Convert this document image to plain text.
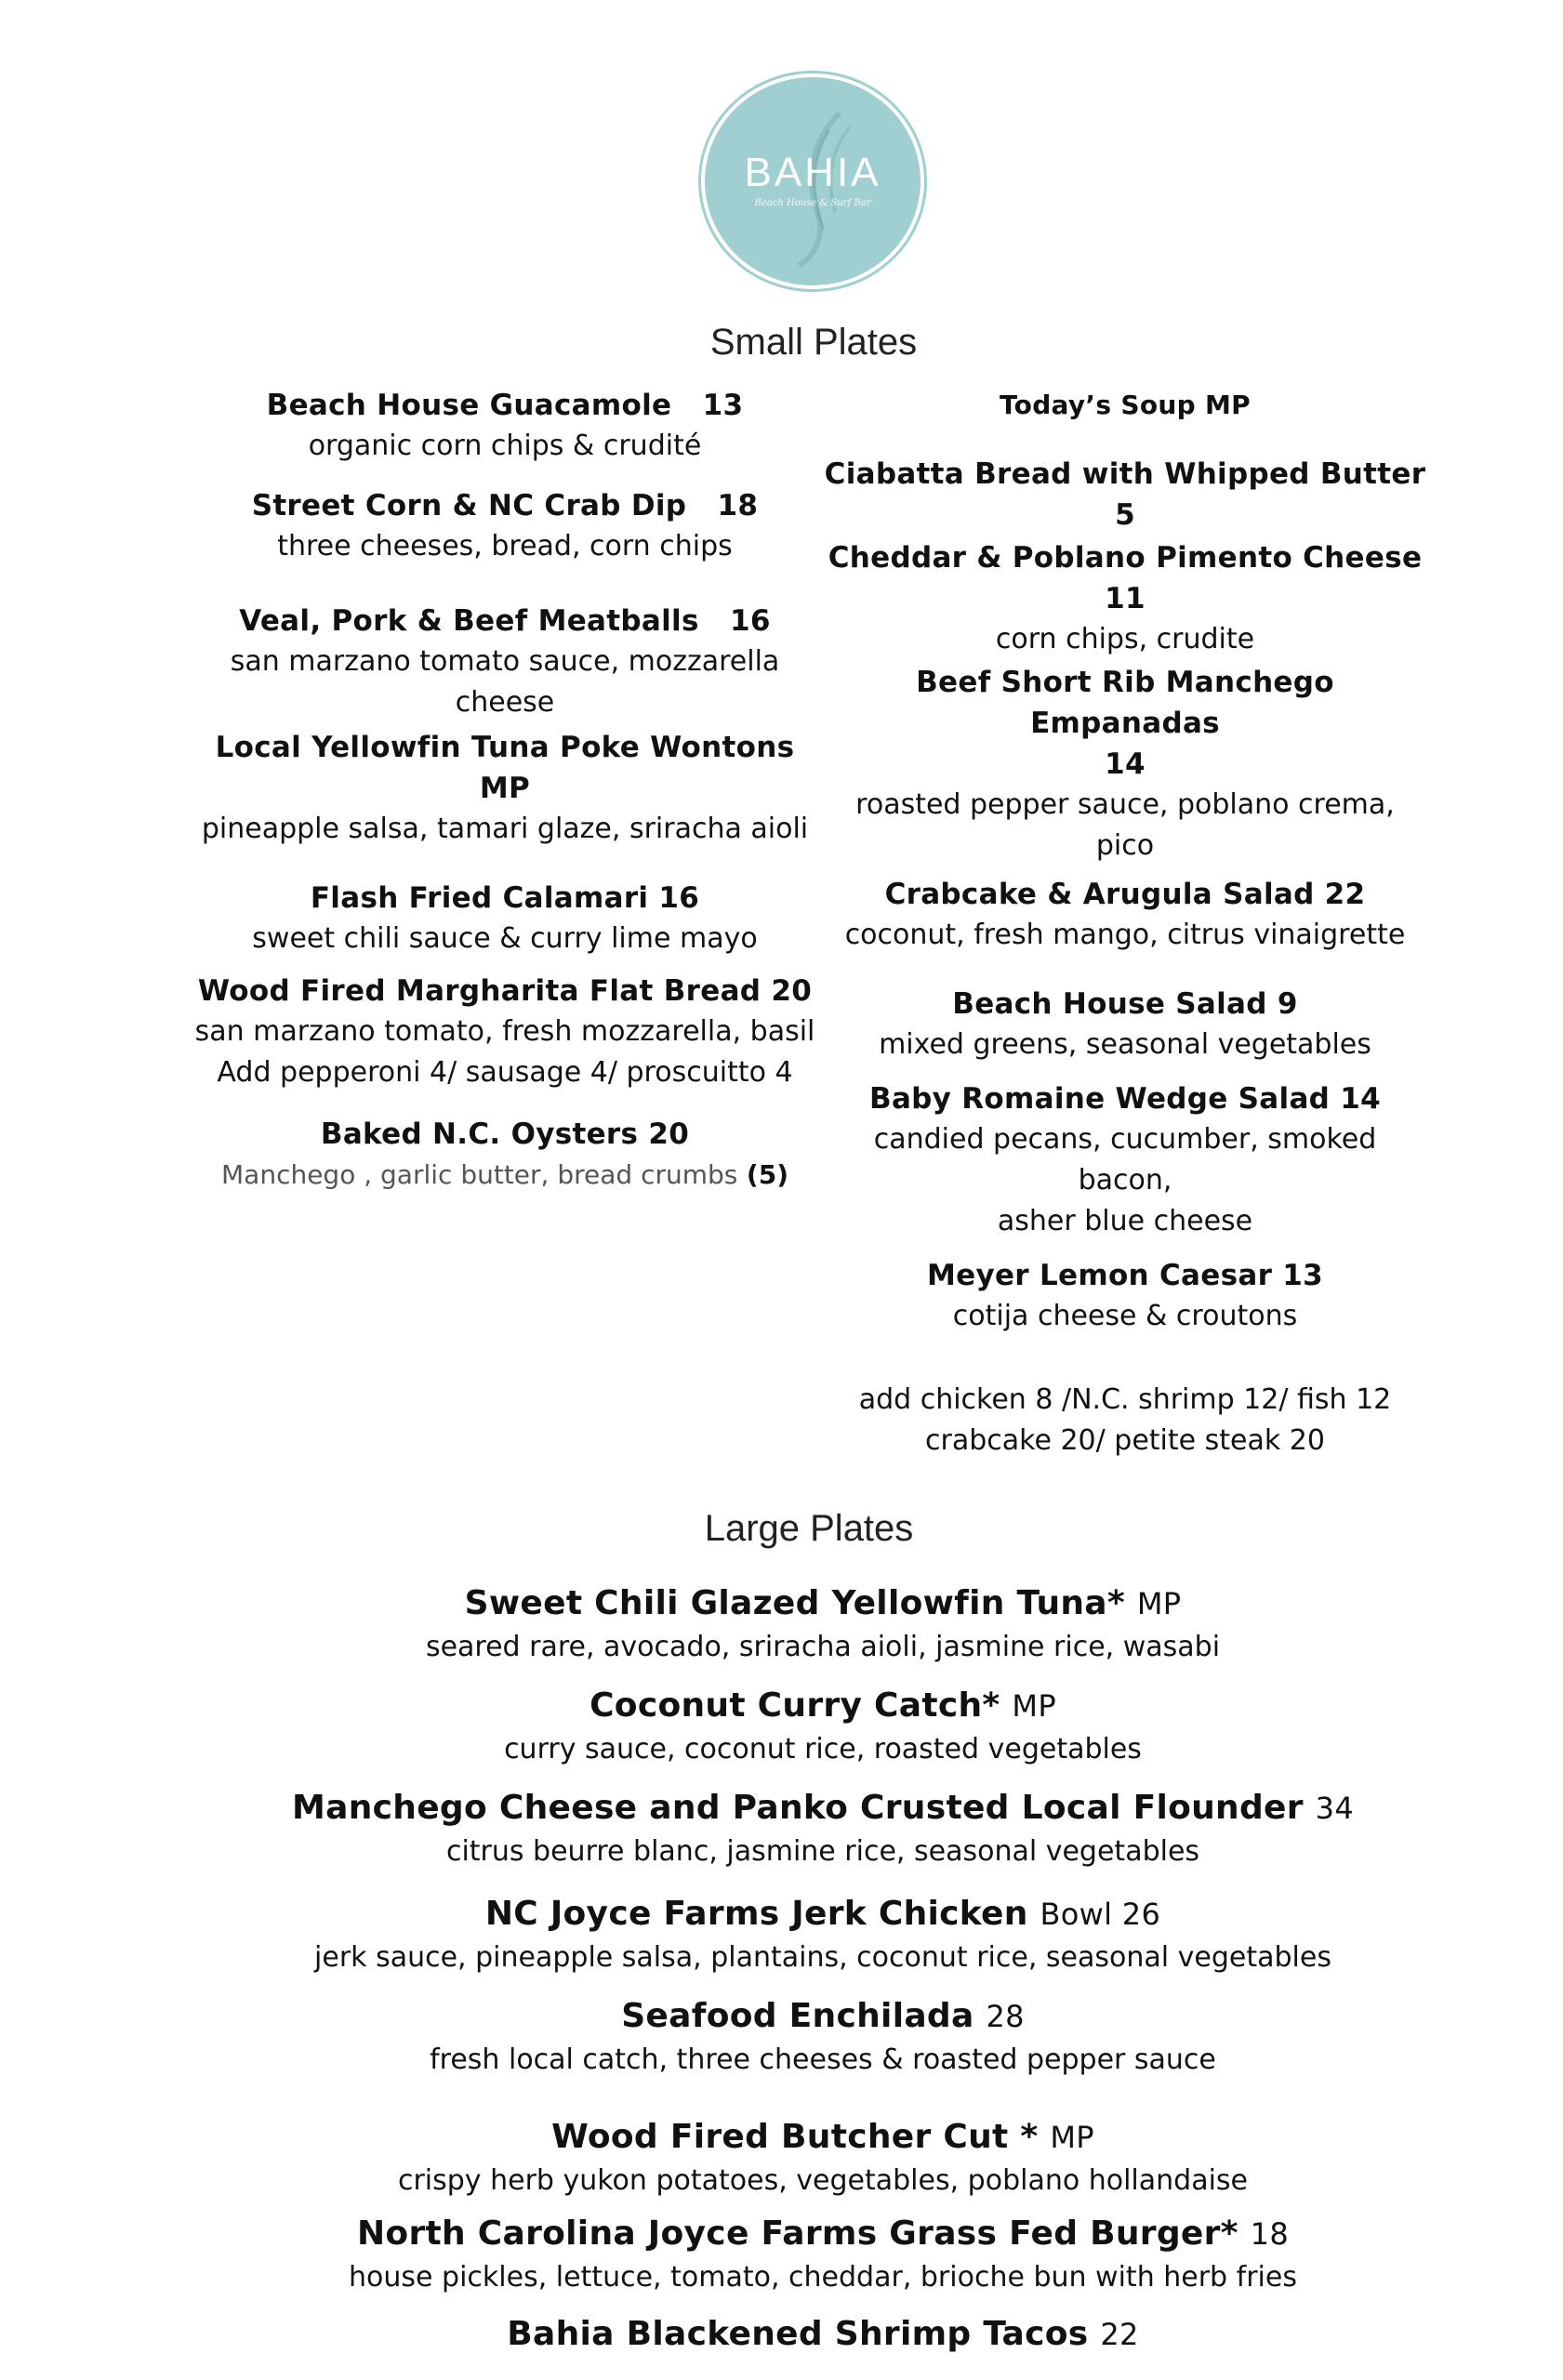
BAHIA
Beach House & Surf Bar
Small Plates
Beach House Guacamole   13
organic corn chips & crudité
Street Corn & NC Crab Dip   18
three cheeses, bread, corn chips
Veal, Pork & Beef Meatballs   16
san marzano tomato sauce, mozzarella
cheese
Local Yellowfin Tuna Poke Wontons MP
pineapple salsa, tamari glaze, sriracha aioli
Flash Fried Calamari 16
sweet chili sauce & curry lime mayo
Wood Fired Margharita Flat Bread 20
san marzano tomato, fresh mozzarella, basil
Add pepperoni 4/ sausage 4/ proscuitto 4
Baked N.C. Oysters 20
Manchego , garlic butter, bread crumbs (5)
Today’s Soup MP
Ciabatta Bread with Whipped Butter 5
Cheddar & Poblano Pimento Cheese
11
corn chips, crudite
Beef Short Rib Manchego Empanadas
14
roasted pepper sauce, poblano crema,
pico
Crabcake & Arugula Salad 22
coconut, fresh mango, citrus vinaigrette
Beach House Salad 9
mixed greens, seasonal vegetables
Baby Romaine Wedge Salad 14
candied pecans, cucumber, smoked
bacon,
asher blue cheese
Meyer Lemon Caesar 13
cotija cheese & croutons
add chicken 8 /N.C. shrimp 12/ fish 12
crabcake 20/ petite steak 20
Large Plates
Sweet Chili Glazed Yellowfin Tuna* MP
seared rare, avocado, sriracha aioli, jasmine rice, wasabi
Coconut Curry Catch* MP
curry sauce, coconut rice, roasted vegetables
Manchego Cheese and Panko Crusted Local Flounder 34
citrus beurre blanc, jasmine rice, seasonal vegetables
NC Joyce Farms Jerk Chicken Bowl 26
jerk sauce, pineapple salsa, plantains, coconut rice, seasonal vegetables
Seafood Enchilada 28
fresh local catch, three cheeses & roasted pepper sauce
Wood Fired Butcher Cut * MP
crispy herb yukon potatoes, vegetables, poblano hollandaise
North Carolina Joyce Farms Grass Fed Burger* 18
house pickles, lettuce, tomato, cheddar, brioche bun with herb fries
Bahia Blackened Shrimp Tacos 22
